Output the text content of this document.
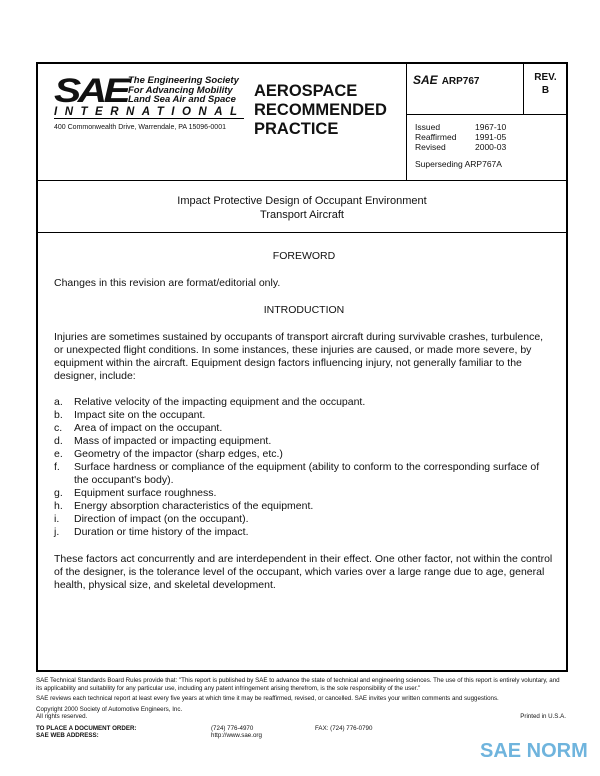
SAE The Engineering Society
For Advancing Mobility
Land Sea Air and Space
INTERNATIONAL
400 Commonwealth Drive, Warrendale, PA 15096-0001
AEROSPACE
RECOMMENDED
PRACTICE
SAE ARP767	REV.
B
Issued	1967-10
Reaffirmed 1991-05
Revised	2000-03
Superseding ARP767A
Impact Protective Design of Occupant Environment
Transport Aircraft

FOREWORD

Changes in this revision are format/editorial only.

INTRODUCTION

Injuries are sometimes sustained by occupants of transport aircraft during survivable crashes, turbulence, or unexpected flight conditions. In some instances, these injuries are caused, or made more severe, by equipment within the aircraft. Equipment design factors influencing injury, not generally familiar to the designer, include:

a. Relative velocity of the impacting equipment and the occupant.
b. Impact site on the occupant.
c. Area of impact on the occupant.
d. Mass of impacted or impacting equipment.
e. Geometry of the impactor (sharp edges, etc.)
f. Surface hardness or compliance of the equipment (ability to conform to the corresponding surface of the occupant's body).
g. Equipment surface roughness.
h. Energy absorption characteristics of the equipment.
i. Direction of impact (on the occupant).
j. Duration or time history of the impact.

These factors act concurrently and are interdependent in their effect. One other factor, not within the control of the designer, is the tolerance level of the occupant, which varies over a large range due to age, general health, physical size, and skeletal development.

SAE Technical Standards Board Rules provide that: "This report is published by SAE to advance the state of technical and engineering sciences. The use of this report is entirely voluntary, and its applicability and suitability for any particular use, including any patent infringement arising therefrom, is the sole responsibility of the user."

SAE reviews each technical report at least every five years at which time it may be reaffirmed, revised, or cancelled. SAE invites your written comments and suggestions.

Copyright 2000 Society of Automotive Engineers, Inc.
All rights reserved.	Printed in U.S.A.
TO PLACE A DOCUMENT ORDER:	(724) 776-4970	FAX: (724) 776-0790
SAE WEB ADDRESS:	http://www.sae.org
SAE NORM
